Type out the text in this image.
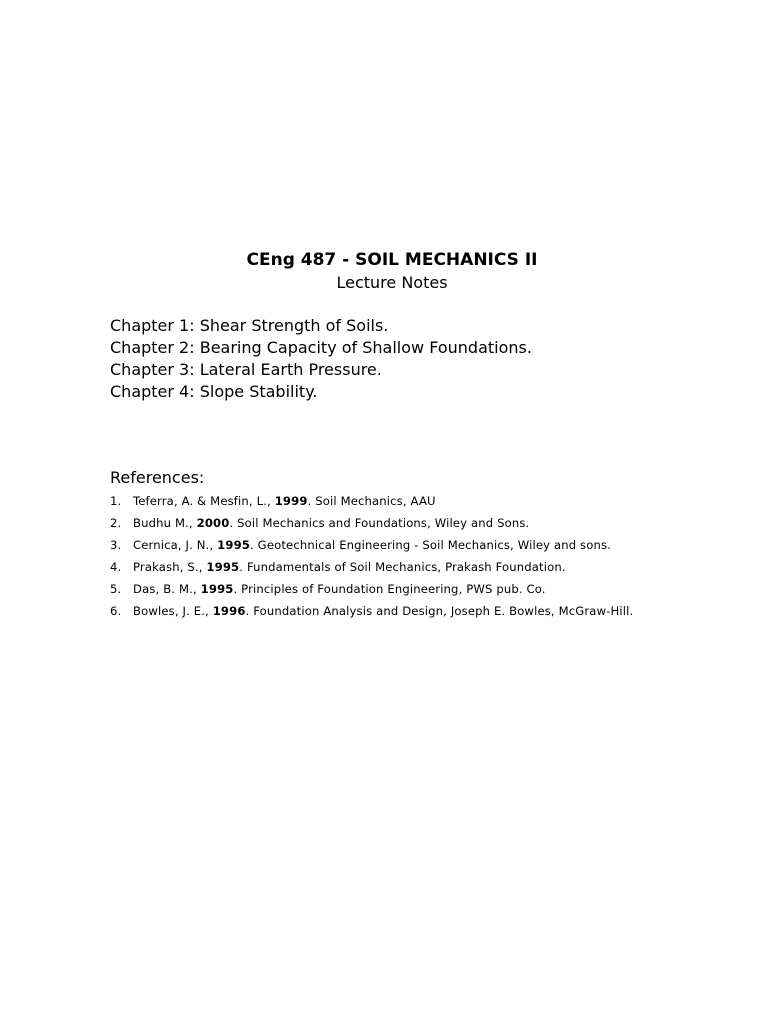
CEng 487 - SOIL MECHANICS II
Lecture Notes
Chapter 1: Shear Strength of Soils.
Chapter 2: Bearing Capacity of Shallow Foundations.
Chapter 3: Lateral Earth Pressure.
Chapter 4: Slope Stability.
References:
1. Teferra, A. & Mesfin, L., 1999. Soil Mechanics, AAU
2. Budhu M., 2000. Soil Mechanics and Foundations, Wiley and Sons.
3. Cernica, J. N., 1995. Geotechnical Engineering - Soil Mechanics, Wiley and sons.
4. Prakash, S., 1995. Fundamentals of Soil Mechanics, Prakash Foundation.
5. Das, B. M., 1995. Principles of Foundation Engineering, PWS pub. Co.
6. Bowles, J. E., 1996. Foundation Analysis and Design, Joseph E. Bowles, McGraw-Hill.
